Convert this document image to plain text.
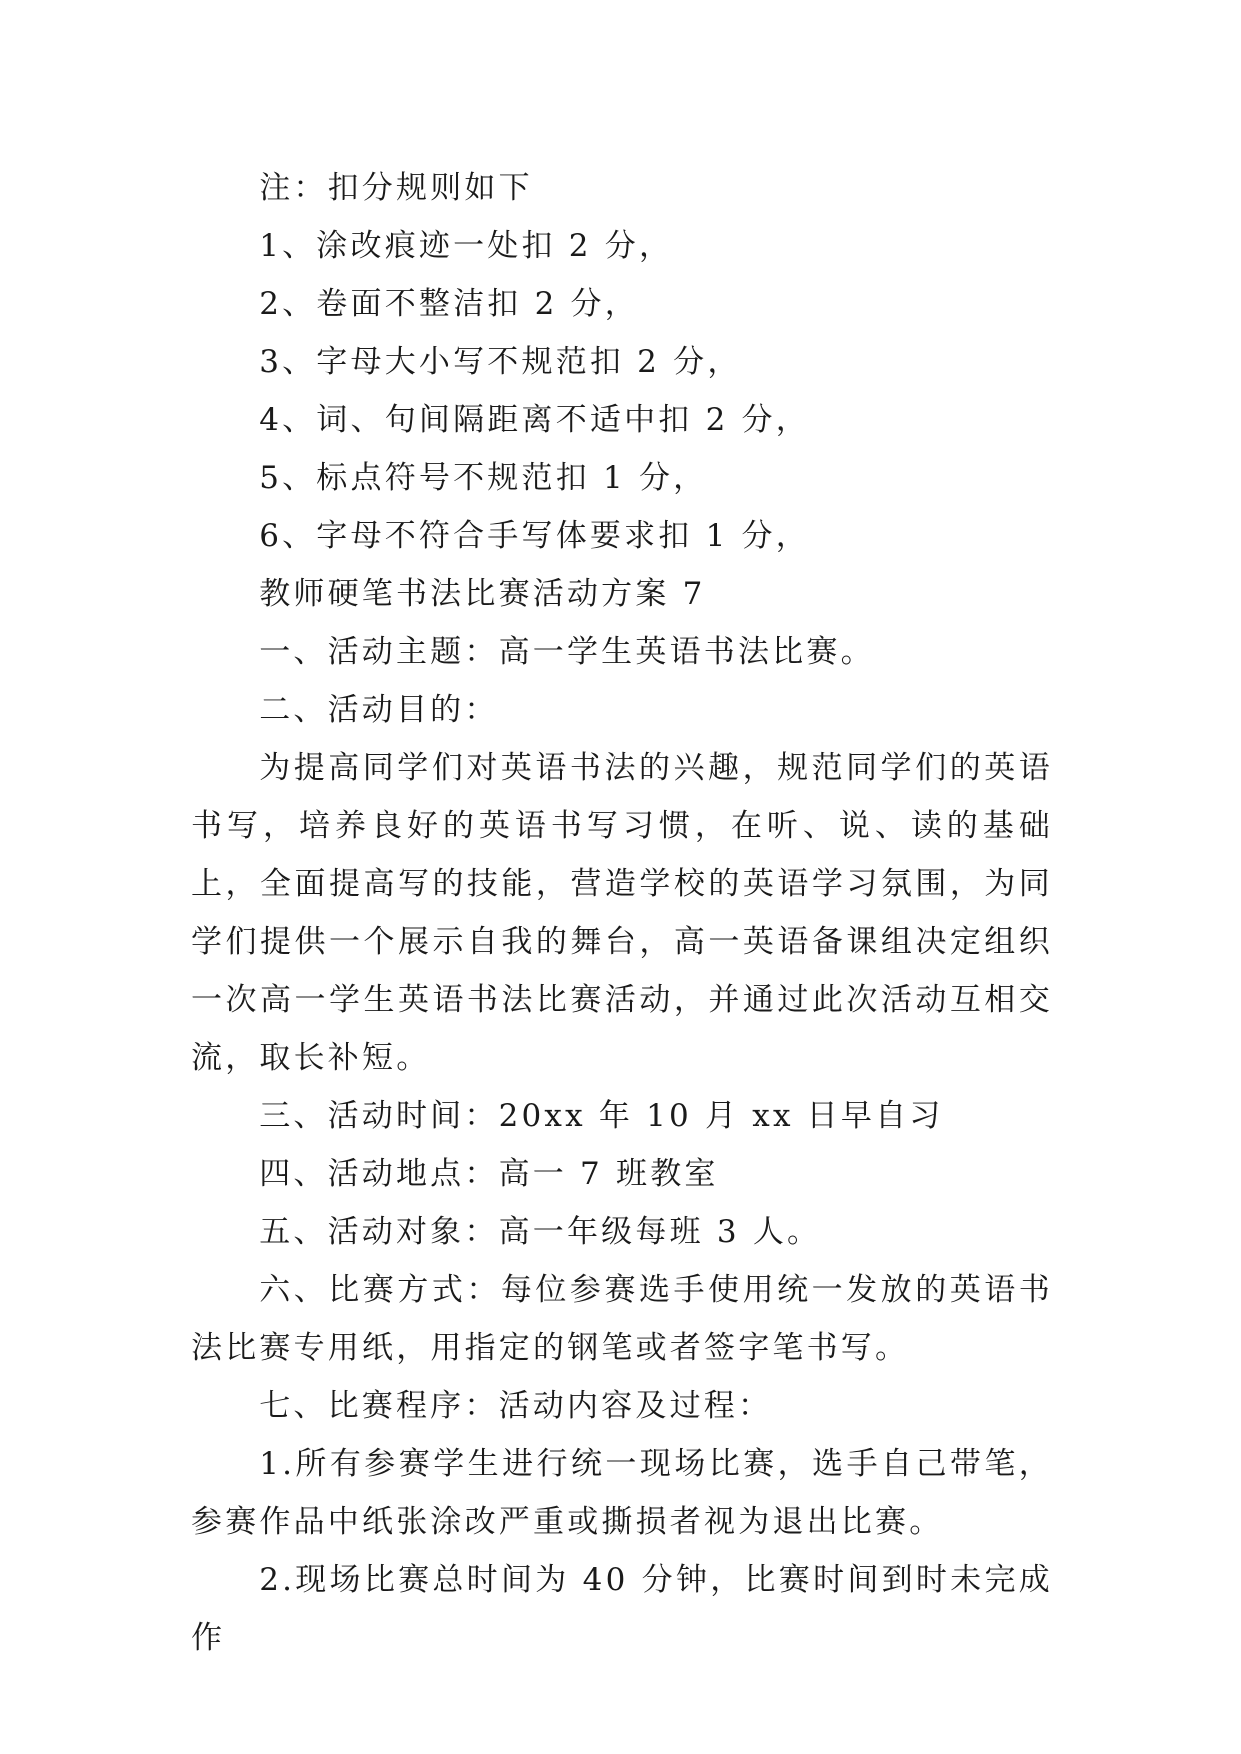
注：扣分规则如下

1、涂改痕迹一处扣 2 分，

2、卷面不整洁扣 2 分，

3、字母大小写不规范扣 2 分，

4、词、句间隔距离不适中扣 2 分，

5、标点符号不规范扣 1 分，

6、字母不符合手写体要求扣 1 分，

教师硬笔书法比赛活动方案 7

一、活动主题：高一学生英语书法比赛。

二、活动目的：

为提高同学们对英语书法的兴趣，规范同学们的英语书写，培养良好的英语书写习惯，在听、说、读的基础上，全面提高写的技能，营造学校的英语学习氛围，为同学们提供一个展示自我的舞台，高一英语备课组决定组织一次高一学生英语书法比赛活动，并通过此次活动互相交流，取长补短。

三、活动时间：20xx 年 10 月 xx 日早自习

四、活动地点：高一 7 班教室

五、活动对象：高一年级每班 3 人。

六、比赛方式：每位参赛选手使用统一发放的英语书法比赛专用纸，用指定的钢笔或者签字笔书写。

七、比赛程序：活动内容及过程：

1.所有参赛学生进行统一现场比赛，选手自己带笔，参赛作品中纸张涂改严重或撕损者视为退出比赛。

2.现场比赛总时间为 40 分钟，比赛时间到时未完成作
